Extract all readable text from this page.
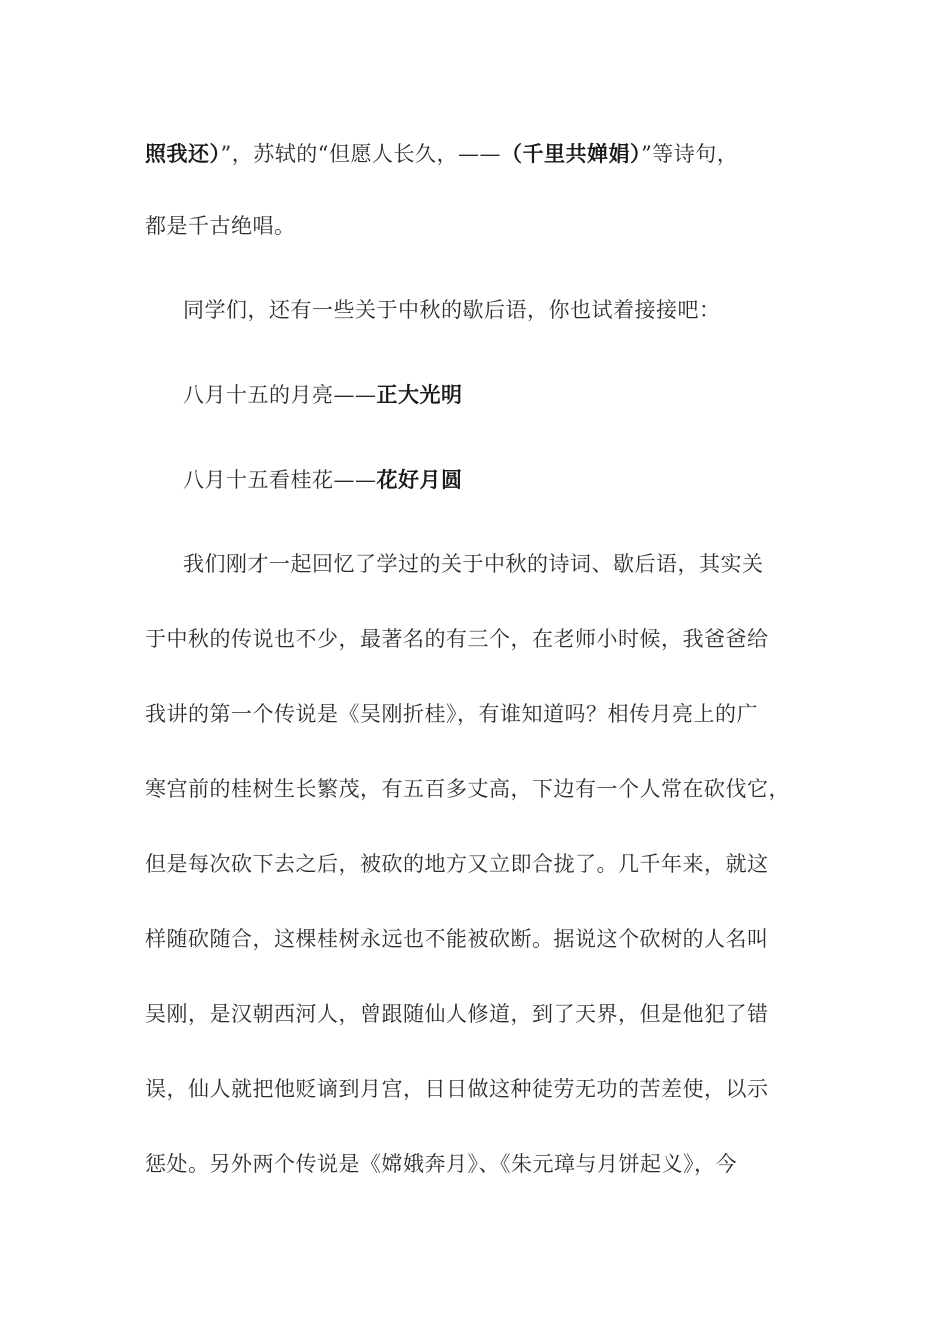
照我还）”，苏轼的“但愿人长久，——（千里共婵娟）”等诗句，
都是千古绝唱。
同学们，还有一些关于中秋的歇后语，你也试着接接吧：
八月十五的月亮——正大光明
八月十五看桂花——花好月圆
我们刚才一起回忆了学过的关于中秋的诗词、歇后语，其实关
于中秋的传说也不少，最著名的有三个，在老师小时候，我爸爸给
我讲的第一个传说是《吴刚折桂》，有谁知道吗？相传月亮上的广
寒宫前的桂树生长繁茂，有五百多丈高，下边有一个人常在砍伐它，
但是每次砍下去之后，被砍的地方又立即合拢了。几千年来，就这
样随砍随合，这棵桂树永远也不能被砍断。据说这个砍树的人名叫
吴刚，是汉朝西河人，曾跟随仙人修道，到了天界，但是他犯了错
误，仙人就把他贬谪到月宫，日日做这种徒劳无功的苦差使，以示
惩处。另外两个传说是《嫦娥奔月》、《朱元璋与月饼起义》，今
